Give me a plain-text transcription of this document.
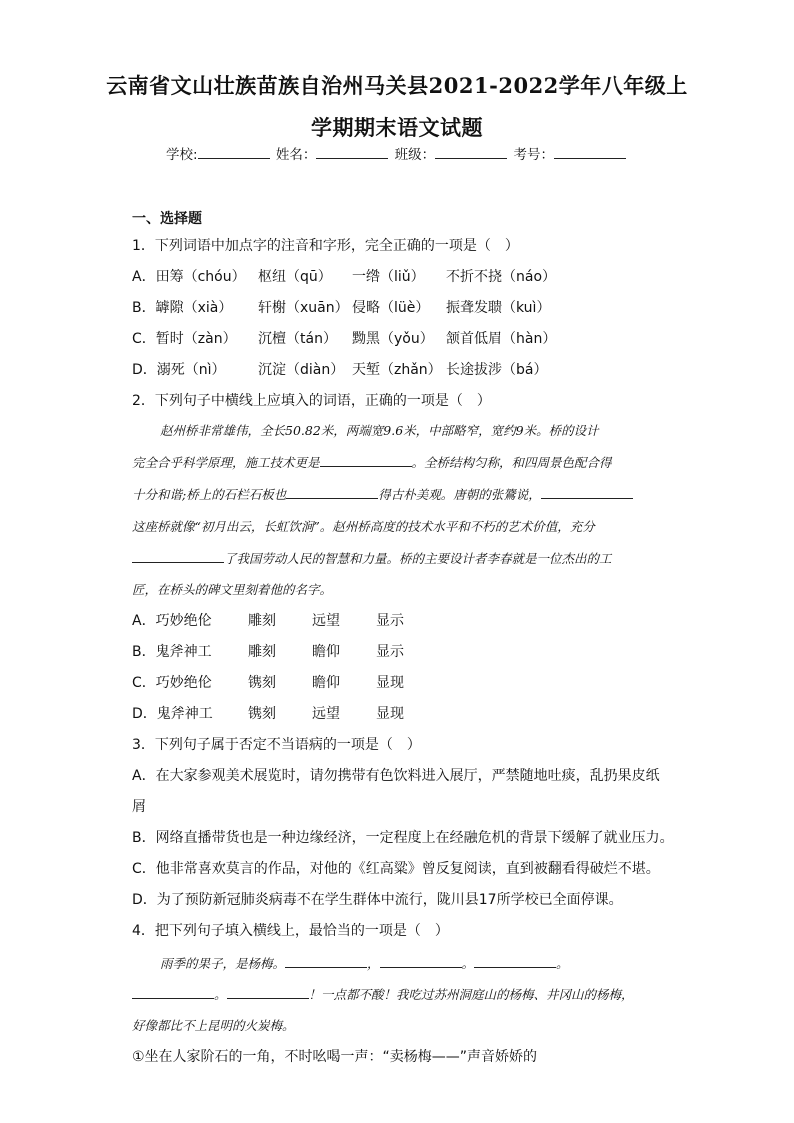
云南省文山壮族苗族自治州马关县2021-2022学年八年级上
学期期末语文试题
学校:	姓名：	班级：	考号：
一、选择题
1．下列词语中加点字的注音和字形，完全正确的一项是（　）
A．田筹（chóu） 枢纽（qū） 一绺（liǔ） 不折不挠（náo）
B．罅隙（xià） 轩榭（xuān） 侵略（lüè） 振聋发聩（kuì）
C．暂时（zàn） 沉檀（tán） 黝黑（yǒu） 颔首低眉（hàn）
D．溺死（nì） 沉淀（diàn） 天堑（zhǎn） 长途拔涉（bá）
2．下列句子中横线上应填入的词语，正确的一项是（　）
赵州桥非常雄伟，全长50.82米，两端宽9.6米，中部略窄，宽约9米。桥的设计
完全合乎科学原理，施工技术更是	。全桥结构匀称，和四周景色配合得
十分和谐;桥上的石栏石板也	得古朴美观。唐朝的张鷟说，
这座桥就像“初月出云，长虹饮涧”。赵州桥高度的技术水平和不朽的艺术价值，充分
了我国劳动人民的智慧和力量。桥的主要设计者李春就是一位杰出的工
匠，在桥头的碑文里刻着他的名字。
A．巧妙绝伦	雕刻	远望	显示
B．鬼斧神工	雕刻	瞻仰	显示
C．巧妙绝伦	镌刻	瞻仰	显现
D．鬼斧神工	镌刻	远望	显现
3．下列句子属于否定不当语病的一项是（　）
A．在大家参观美术展览时，请勿携带有色饮料进入展厅，严禁随地吐痰，乱扔果皮纸
屑
B．网络直播带货也是一种边缘经济，一定程度上在经融危机的背景下缓解了就业压力。
C．他非常喜欢莫言的作品，对他的《红高粱》曾反复阅读，直到被翻看得破烂不堪。
D．为了预防新冠肺炎病毒不在学生群体中流行，陇川县17所学校已全面停课。
4．把下列句子填入横线上，最恰当的一项是（　）
雨季的果子，是杨梅。	，	。	。
。	！一点都不酸！我吃过苏州洞庭山的杨梅、井冈山的杨梅，
好像都比不上昆明的火炭梅。
①坐在人家阶石的一角，不时吆喝一声：“卖杨梅——”声音娇娇的
